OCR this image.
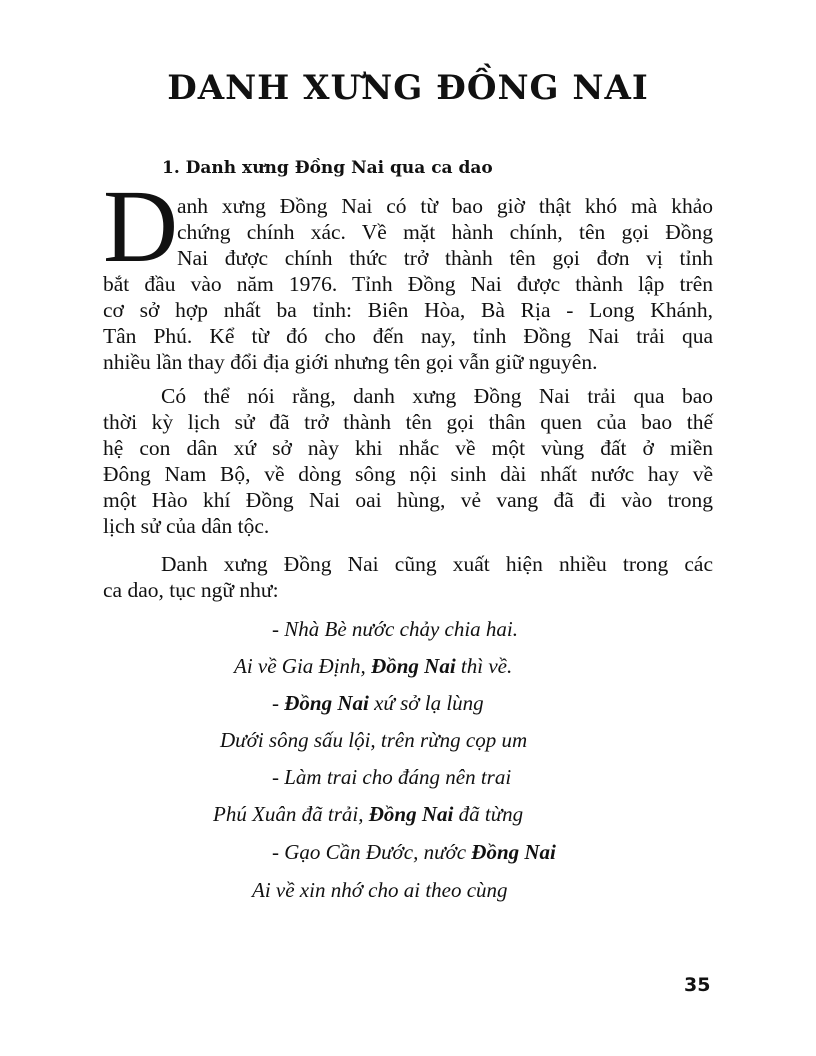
DANH XƯNG ĐỒNG NAI
1. Danh xưng Đồng Nai qua ca dao
D
anh xưng Đồng Nai có từ bao giờ thật khó mà khảo
chứng chính xác. Về mặt hành chính, tên gọi Đồng
Nai được chính thức trở thành tên gọi đơn vị tỉnh
bắt đầu vào năm 1976. Tỉnh Đồng Nai được thành lập trên
cơ sở hợp nhất ba tỉnh: Biên Hòa, Bà Rịa - Long Khánh,
Tân Phú. Kể từ đó cho đến nay, tỉnh Đồng Nai trải qua
nhiều lần thay đổi địa giới nhưng tên gọi vẫn giữ nguyên.
Có thể nói rằng, danh xưng Đồng Nai trải qua bao
thời kỳ lịch sử đã trở thành tên gọi thân quen của bao thế
hệ con dân xứ sở này khi nhắc về một vùng đất ở miền
Đông Nam Bộ, về dòng sông nội sinh dài nhất nước hay về
một Hào khí Đồng Nai oai hùng, vẻ vang đã đi vào trong
lịch sử của dân tộc.
Danh xưng Đồng Nai cũng xuất hiện nhiều trong các
ca dao, tục ngữ như:
- Nhà Bè nước chảy chia hai.
Ai về Gia Định, Đồng Nai thì về.
- Đồng Nai xứ sở lạ lùng
Dưới sông sấu lội, trên rừng cọp um
- Làm trai cho đáng nên trai
Phú Xuân đã trải, Đồng Nai đã từng
- Gạo Cần Đước, nước Đồng Nai
Ai về xin nhớ cho ai theo cùng
35
